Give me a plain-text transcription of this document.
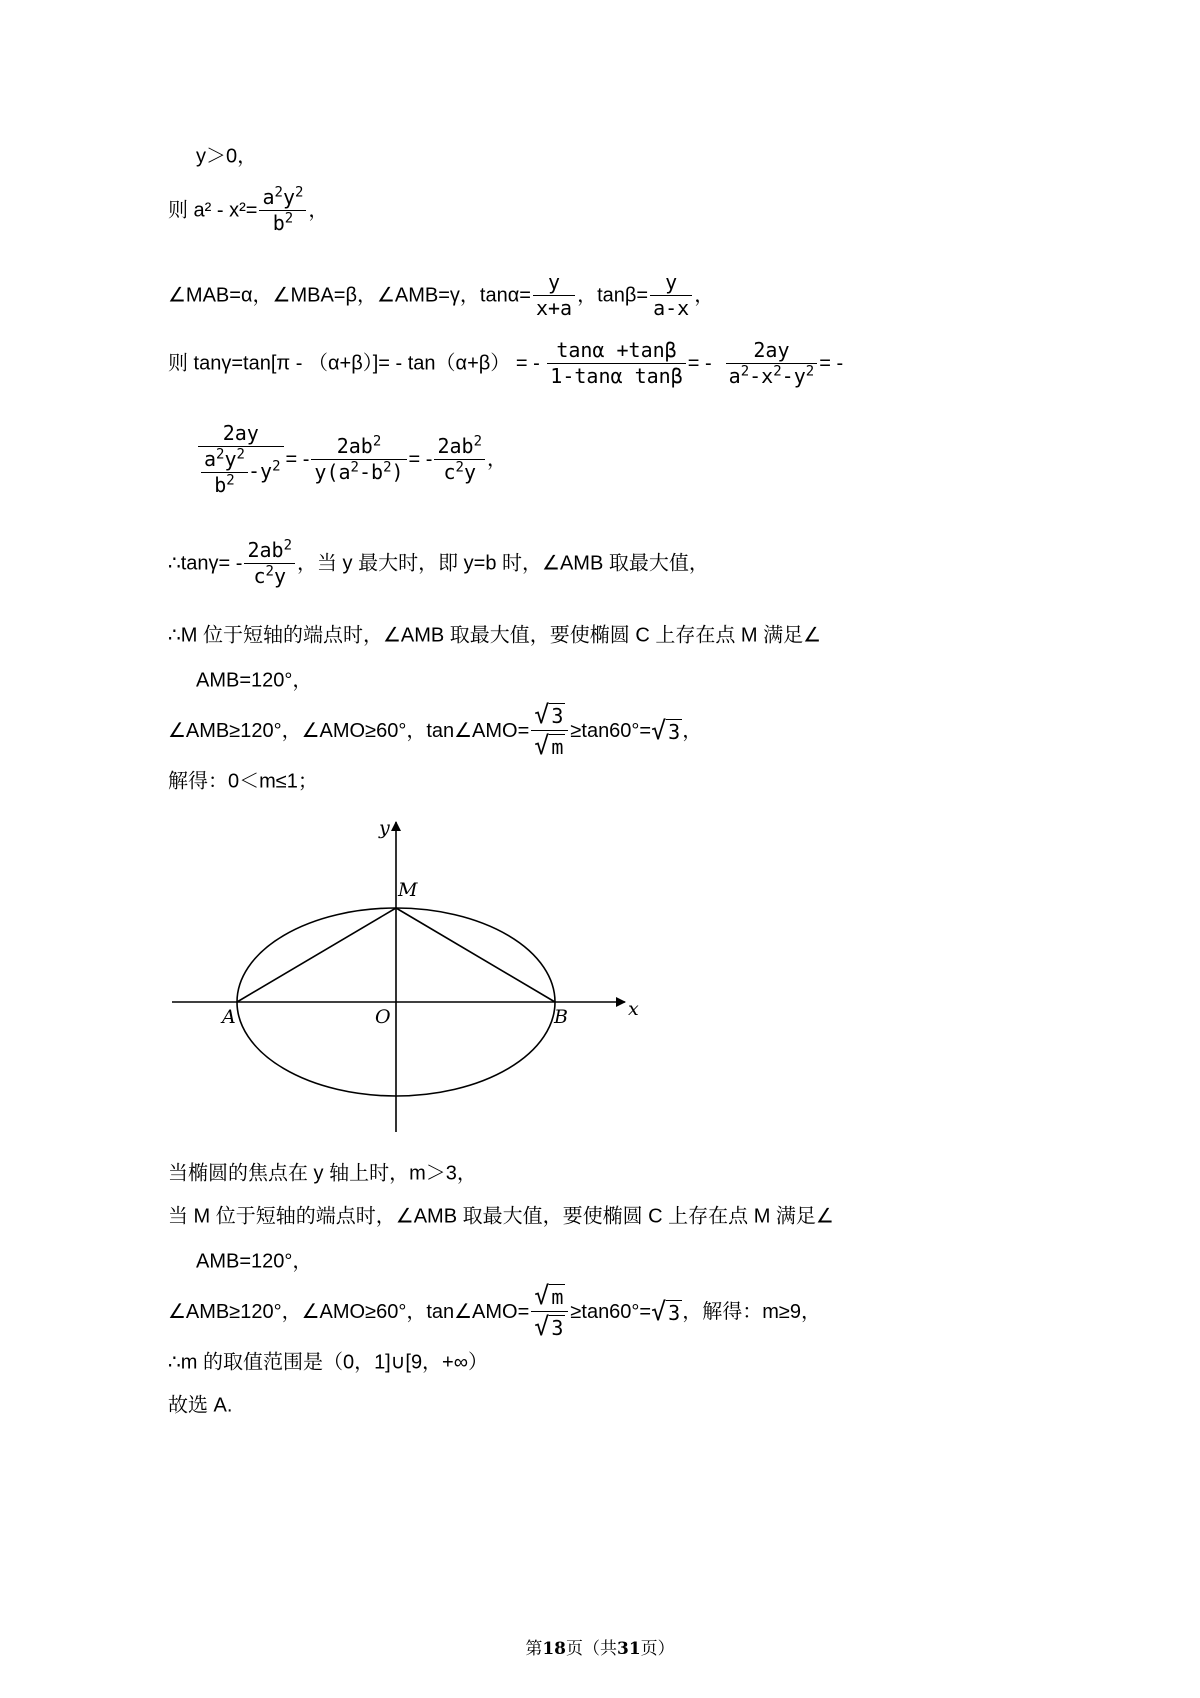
y＞0，
则 $a^2 - x^2= \frac{a^2y^2}{b^2}$ ，
∠MAB=α，∠MBA=β，∠AMB=γ，$\tan\alpha= \frac{y}{x+a}$ ，$\tan\beta= \frac{y}{a-x}$ ，
则 tanγ=tan[π - （α+β）]= - tan（α+β） = - $\frac{\tan\alpha +\tan\beta}{\text{1-tanα tanβ}}$ = - $\frac{2ay}{a^2-x^2-y^2}$ = -
$\frac{2ay}{\frac{a^2y^2}{b^2} -y^2}$ = - $\frac{2ab^2}{y(a^2-b^2)}$ = - $\frac{2ab^2}{c^2y}$ ，
∴tanγ= - $\frac{2ab^2}{c^2y}$ ，当 y 最大时，即 y=b 时，∠AMB 取最大值，
∴M 位于短轴的端点时，∠AMB 取最大值，要使椭圆 C 上存在点 M 满足∠
AMB=120°，
∠AMB≥120°，∠AMO≥60°，tan∠AMO= $\frac{√ 3}{√ m} \ge\tan 60^\circ=√$ 3 ，
解得：0＜m≤1；
y
x
M
A	O	B
当椭圆的焦点在 y 轴上时，m＞3，
当 M 位于短轴的端点时，∠AMB 取最大值，要使椭圆 C 上存在点 M 满足∠
AMB=120°，
∠AMB≥120°，∠AMO≥60°，tan∠AMO= $\frac{√ m}{√ 3} \ge\tan 60^\circ=√$ 3 ，解得：m≥9，
∴m 的取值范围是（0，1]∪[9，+∞）
故选 A.
第18页（共31页）
